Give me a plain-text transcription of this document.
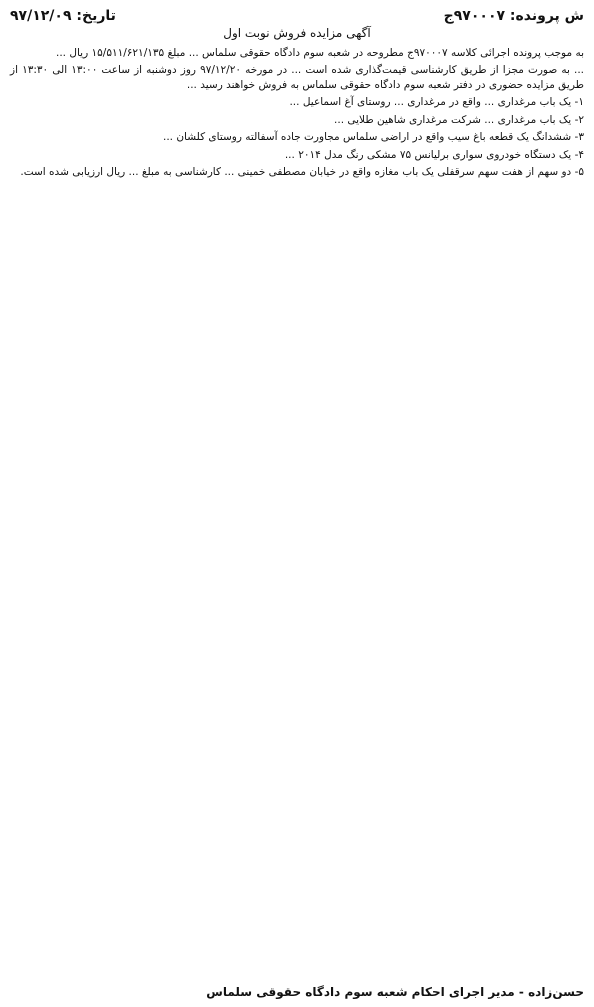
ش پرونده: ۹۷۰۰۰۷ج
تاریخ: ۹۷/۱۲/۰۹
آگهی مزایده فروش نوبت اول
به موجب پرونده اجرائی کلاسه ۹۷۰۰۰۷ج مطروحه در شعبه سوم دادگاه حقوقی سلماس ... مبلغ ۱۵/۵۱۱/۶۲۱/۱۳۵ ریال ...
... به صورت مجزا از طریق کارشناسی قیمت‌گذاری شده است ... در مورخه ۹۷/۱۲/۲۰ روز دوشنبه از ساعت ۱۳:۰۰ الی ۱۳:۳۰ از طریق مزایده حضوری در دفتر شعبه سوم دادگاه حقوقی سلماس به فروش خواهند رسید ...
۱- یک باب مرغداری ... واقع در مرغداری ... روستای آغ اسماعیل ...
۲- یک باب مرغداری ... شرکت مرغداری شاهین طلایی ...
۳- ششدانگ یک قطعه باغ سیب واقع در اراضی سلماس مجاورت جاده آسفالته روستای کلشان ...
۴- یک دستگاه خودروی سواری برلیانس ۷۵ مشکی رنگ مدل ۲۰۱۴ ...
۵- دو سهم از هفت سهم سرقفلی یک باب مغازه واقع در خیابان مصطفی خمینی ... کارشناسی به مبلغ ... ریال ارزیابی شده است.
حسن‌زاده - مدیر اجرای احکام شعبه سوم دادگاه حقوقی سلماس
